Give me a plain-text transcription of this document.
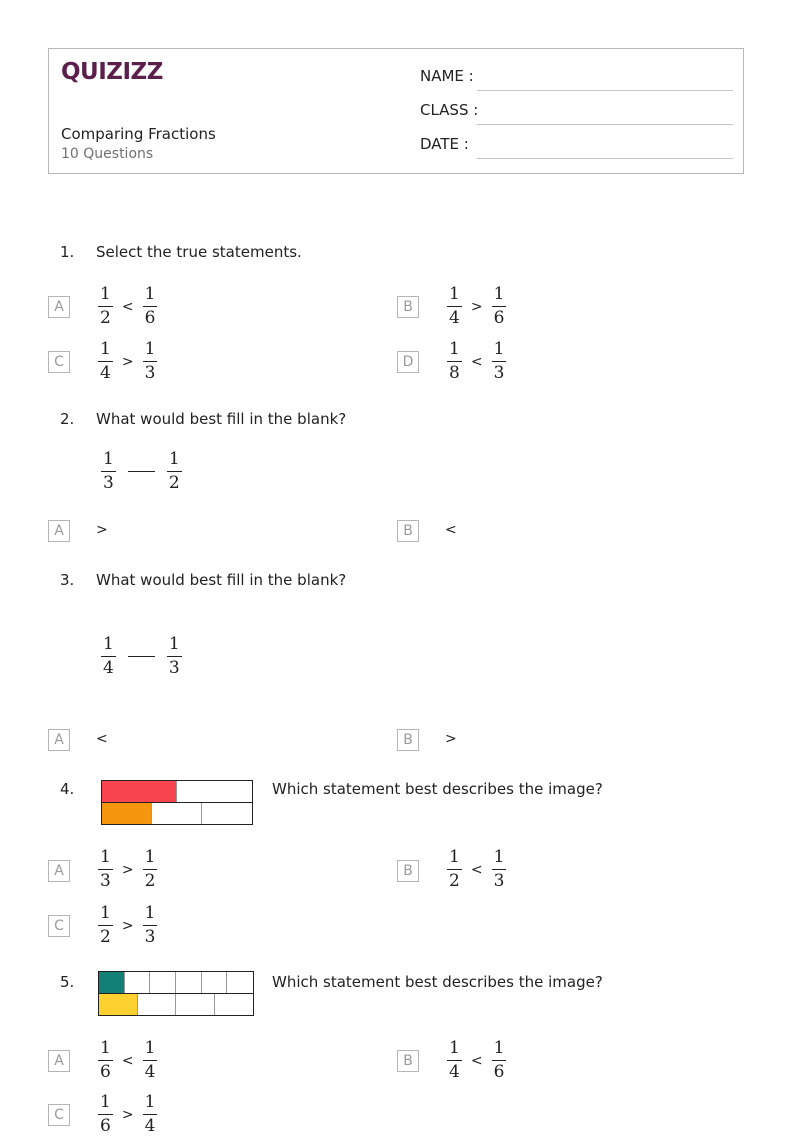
QUIZIZZ
Comparing Fractions
10 Questions
NAME :
CLASS :
DATE :
1. Select the true statements.
A	$\frac{1}{2} < \frac{1}{6}$	B	$\frac{1}{4} > \frac{1}{6}$
C	$\frac{1}{4} > \frac{1}{3}$	D	$\frac{1}{8} < \frac{1}{3}$
2. What would best fill in the blank?
$\frac{1}{3}$	$\frac{1}{2}$
A	>	B	<
3. What would best fill in the blank?
$\frac{1}{4}$	$\frac{1}{3}$
A	<	B	>
4.	Which statement best describes the image?
A	$\frac{1}{3} > \frac{1}{2}$	B	$\frac{1}{2} < \frac{1}{3}$
C	$\frac{1}{2} > \frac{1}{3}$
5.	Which statement best describes the image?
A	$\frac{1}{6} < \frac{1}{4}$	B	$\frac{1}{4} < \frac{1}{6}$
C	$\frac{1}{6} > \frac{1}{4}$
